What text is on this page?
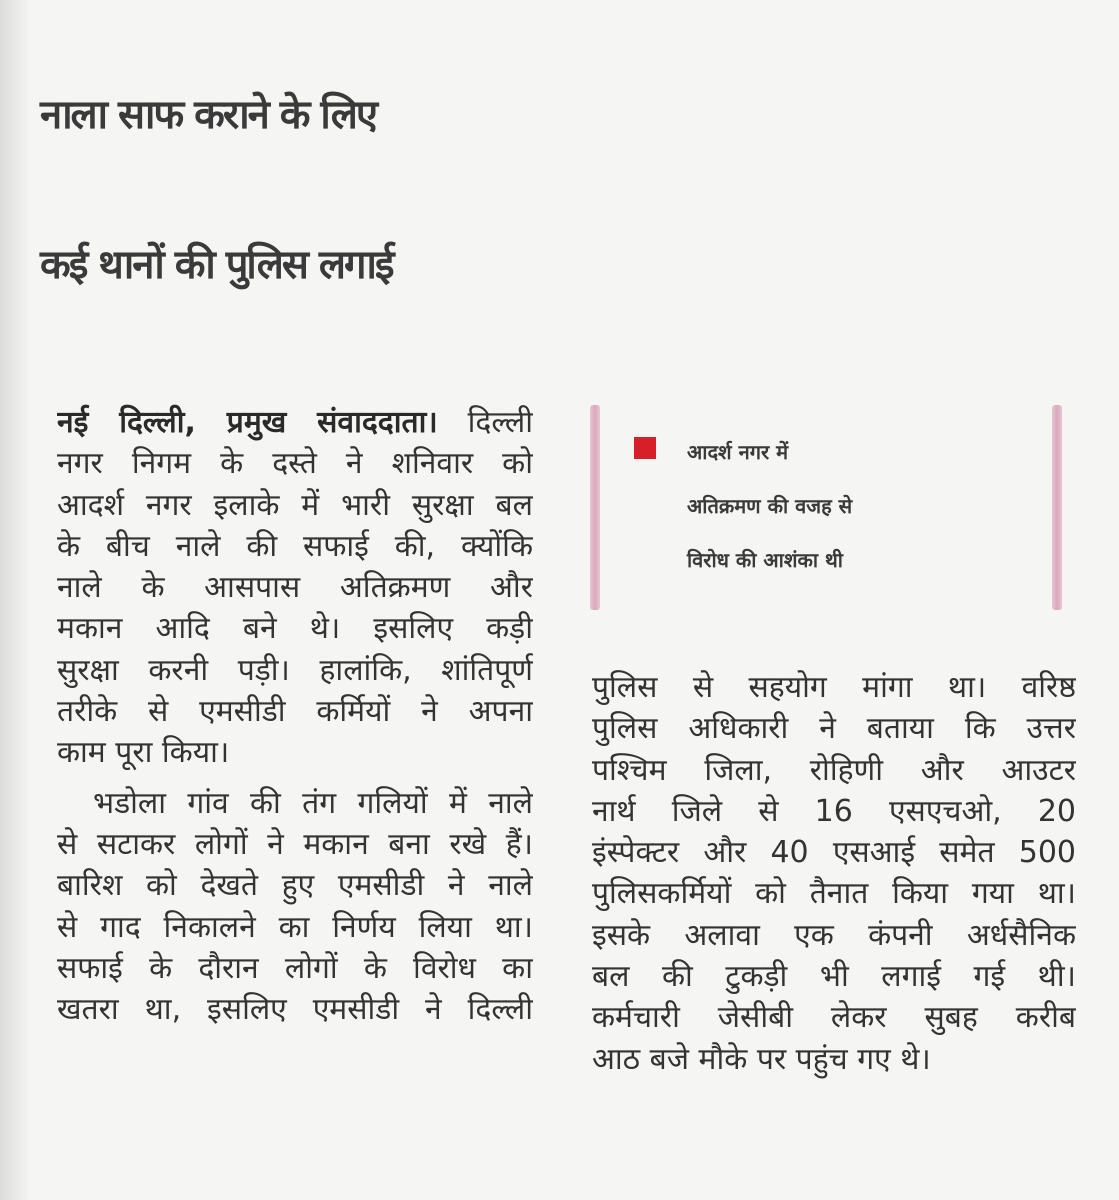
नाला साफ कराने के लिए
कई थानों की पुलिस लगाई
नई दिल्ली, प्रमुख संवाददाता। दिल्ली
नगर निगम के दस्ते ने शनिवार को
आदर्श नगर इलाके में भारी सुरक्षा बल
के बीच नाले की सफाई की, क्योंकि
नाले के आसपास अतिक्रमण और
मकान आदि बने थे। इसलिए कड़ी
सुरक्षा करनी पड़ी। हालांकि, शांतिपूर्ण
तरीके से एमसीडी कर्मियों ने अपना
काम पूरा किया।
भडोला गांव की तंग गलियों में नाले
से सटाकर लोगों ने मकान बना रखे हैं।
बारिश को देखते हुए एमसीडी ने नाले
से गाद निकालने का निर्णय लिया था।
सफाई के दौरान लोगों के विरोध का
खतरा था, इसलिए एमसीडी ने दिल्ली
आदर्श नगर में
अतिक्रमण की वजह से
विरोध की आशंका थी
पुलिस से सहयोग मांगा था। वरिष्ठ
पुलिस अधिकारी ने बताया कि उत्तर
पश्चिम जिला, रोहिणी और आउटर
नार्थ जिले से 16 एसएचओ, 20
इंस्पेक्टर और 40 एसआई समेत 500
पुलिसकर्मियों को तैनात किया गया था।
इसके अलावा एक कंपनी अर्धसैनिक
बल की टुकड़ी भी लगाई गई थी।
कर्मचारी जेसीबी लेकर सुबह करीब
आठ बजे मौके पर पहुंच गए थे।
